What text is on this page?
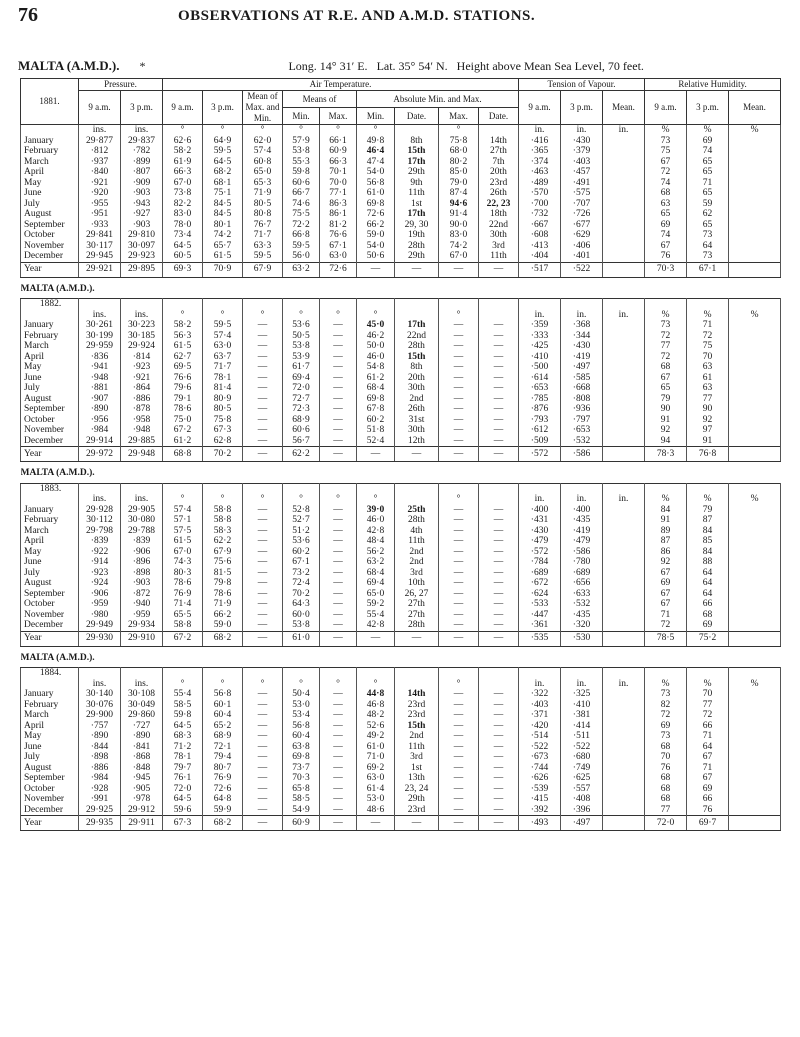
76	OBSERVATIONS AT R.E. AND A.M.D. STATIONS.
MALTA (A.M.D.). *	Long. 14° 31′ E. Lat. 35° 54′ N. Height above Mean Sea Level, 70 feet.
1881.	Pressure.		Air Temperature.									Tension of Vapour.			Relative Humidity.		
	9 a.m.	3 p.m.	9 a.m.	3 p.m.	Mean of Max. and Min.	Means of		Absolute Min. and Max.				9 a.m.	3 p.m.	Mean.	9 a.m.	3 p.m.	Mean.
						Min.	Max.	Min.	Date.	Max.	Date.						
	ins.	ins.	°	°	°	°	°	°		°		in.	in.	in.	%	%	%
January	29·877	29·837	62·6	64·9	62·0	57·9	66·1	49·8	8th	75·8	14th	·416	·430		73	69	
February	·812	·782	58·2	59·5	57·4	53·8	60·9	46·4	15th	68·0	27th	·365	·379		75	74	
March	·937	·899	61·9	64·5	60·8	55·3	66·3	47·4	17th	80·2	7th	·374	·403		67	65	
April	·840	·807	66·3	68·2	65·0	59·8	70·1	54·0	29th	85·0	20th	·463	·457		72	65	
May	·921	·909	67·0	68·1	65·3	60·6	70·0	56·8	9th	79·0	23rd	·489	·491		74	71	
June	·920	·903	73·8	75·1	71·9	66·7	77·1	61·0	11th	87·4	26th	·570	·575		68	65	
July	·955	·943	82·2	84·5	80·5	74·6	86·3	69·8	1st	94·6	22, 23	·700	·707		63	59	
August	·951	·927	83·0	84·5	80·8	75·5	86·1	72·6	17th	91·4	18th	·732	·726		65	62	
September	·933	·903	78·0	80·1	76·7	72·2	81·2	66·2	29, 30	90·0	22nd	·667	·677		69	65	
October	29·841	29·810	73·4	74·2	71·7	66·8	76·6	59·0	19th	83·0	30th	·608	·629		74	73	
November	30·117	30·097	64·5	65·7	63·3	59·5	67·1	54·0	28th	74·2	3rd	·413	·406		67	64	
December	29·945	29·923	60·5	61·5	59·5	56·0	63·0	50·6	29th	67·0	11th	·404	·401		76	73	
Year	29·921	29·895	69·3	70·9	67·9	63·2	72·6	—	—	—	—	·517	·522		70·3	67·1	
MALTA (A.M.D.).																	
1882.																	
	ins.	ins.	°	°	°	°	°	°		°		in.	in.	in.	%	%	%
January	30·261	30·223	58·2	59·5	—	53·6	—	45·0	17th	—	—	·359	·368		73	71	
February	30·199	30·185	56·3	57·4	—	50·5	—	46·2	22nd	—	—	·333	·344		72	72	
March	29·959	29·924	61·5	63·0	—	53·8	—	50·0	28th	—	—	·425	·430		77	75	
April	·836	·814	62·7	63·7	—	53·9	—	46·0	15th	—	—	·410	·419		72	70	
May	·941	·923	69·5	71·7	—	61·7	—	54·8	8th	—	—	·500	·497		68	63	
June	·948	·921	76·6	78·1	—	69·4	—	61·2	20th	—	—	·614	·585		67	61	
July	·881	·864	79·6	81·4	—	72·0	—	68·4	30th	—	—	·653	·668		65	63	
August	·907	·886	79·1	80·9	—	72·7	—	69·8	2nd	—	—	·785	·808		79	77	
September	·890	·878	78·6	80·5	—	72·3	—	67·8	26th	—	—	·876	·936		90	90	
October	·956	·958	75·0	75·8	—	68·9	—	60·2	31st	—	—	·793	·797		91	92	
November	·984	·948	67·2	67·3	—	60·6	—	51·8	30th	—	—	·612	·653		92	97	
December	29·914	29·885	61·2	62·8	—	56·7	—	52·4	12th	—	—	·509	·532		94	91	
Year	29·972	29·948	68·8	70·2	—	62·2	—	—	—	—	—	·572	·586		78·3	76·8	
MALTA (A.M.D.).																	
1883.																	
	ins.	ins.	°	°	°	°	°	°		°		in.	in.	in.	%	%	%
January	29·928	29·905	57·4	58·8	—	52·8	—	39·0	25th	—	—	·400	·400		84	79	
February	30·112	30·080	57·1	58·8	—	52·7	—	46·0	28th	—	—	·431	·435		91	87	
March	29·798	29·788	57·5	58·3	—	51·2	—	42·8	4th	—	—	·430	·419		89	84	
April	·839	·839	61·5	62·2	—	53·6	—	48·4	11th	—	—	·479	·479		87	85	
May	·922	·906	67·0	67·9	—	60·2	—	56·2	2nd	—	—	·572	·586		86	84	
June	·914	·896	74·3	75·6	—	67·1	—	63·2	2nd	—	—	·784	·780		92	88	
July	·923	·898	80·3	81·5	—	73·2	—	68·4	3rd	—	—	·689	·689		67	64	
August	·924	·903	78·6	79·8	—	72·4	—	69·4	10th	—	—	·672	·656		69	64	
September	·906	·872	76·9	78·6	—	70·2	—	65·0	26, 27	—	—	·624	·633		67	64	
October	·959	·940	71·4	71·9	—	64·3	—	59·2	27th	—	—	·533	·532		67	66	
November	·980	·959	65·5	66·2	—	60·0	—	55·4	27th	—	—	·447	·435		71	68	
December	29·949	29·934	58·8	59·0	—	53·8	—	42·8	28th	—	—	·361	·320		72	69	
Year	29·930	29·910	67·2	68·2	—	61·0	—	—	—	—	—	·535	·530		78·5	75·2	
MALTA (A.M.D.).																	
1884.																	
	ins.	ins.	°	°	°	°	°	°		°		in.	in.	in.	%	%	%
January	30·140	30·108	55·4	56·8	—	50·4	—	44·8	14th	—	—	·322	·325		73	70	
February	30·076	30·049	58·5	60·1	—	53·0	—	46·8	23rd	—	—	·403	·410		82	77	
March	29·900	29·860	59·8	60·4	—	53·4	—	48·2	23rd	—	—	·371	·381		72	72	
April	·757	·727	64·5	65·2	—	56·8	—	52·6	15th	—	—	·420	·414		69	66	
May	·890	·890	68·3	68·9	—	60·4	—	49·2	2nd	—	—	·514	·511		73	71	
June	·844	·841	71·2	72·1	—	63·8	—	61·0	11th	—	—	·522	·522		68	64	
July	·898	·868	78·1	79·4	—	69·8	—	71·0	3rd	—	—	·673	·680		70	67	
August	·886	·848	79·7	80·7	—	73·7	—	69·2	1st	—	—	·744	·749		76	71	
September	·984	·945	76·1	76·9	—	70·3	—	63·0	13th	—	—	·626	·625		68	67	
October	·928	·905	72·0	72·6	—	65·8	—	61·4	23, 24	—	—	·539	·557		68	69	
November	·991	·978	64·5	64·8	—	58·5	—	53·0	29th	—	—	·415	·408		68	66	
December	29·925	29·912	59·6	59·9	—	54·9	—	48·6	23rd	—	—	·392	·396		77	76	
Year	29·935	29·911	67·3	68·2	—	60·9	—	—	—	—	—	·493	·497		72·0	69·7	
